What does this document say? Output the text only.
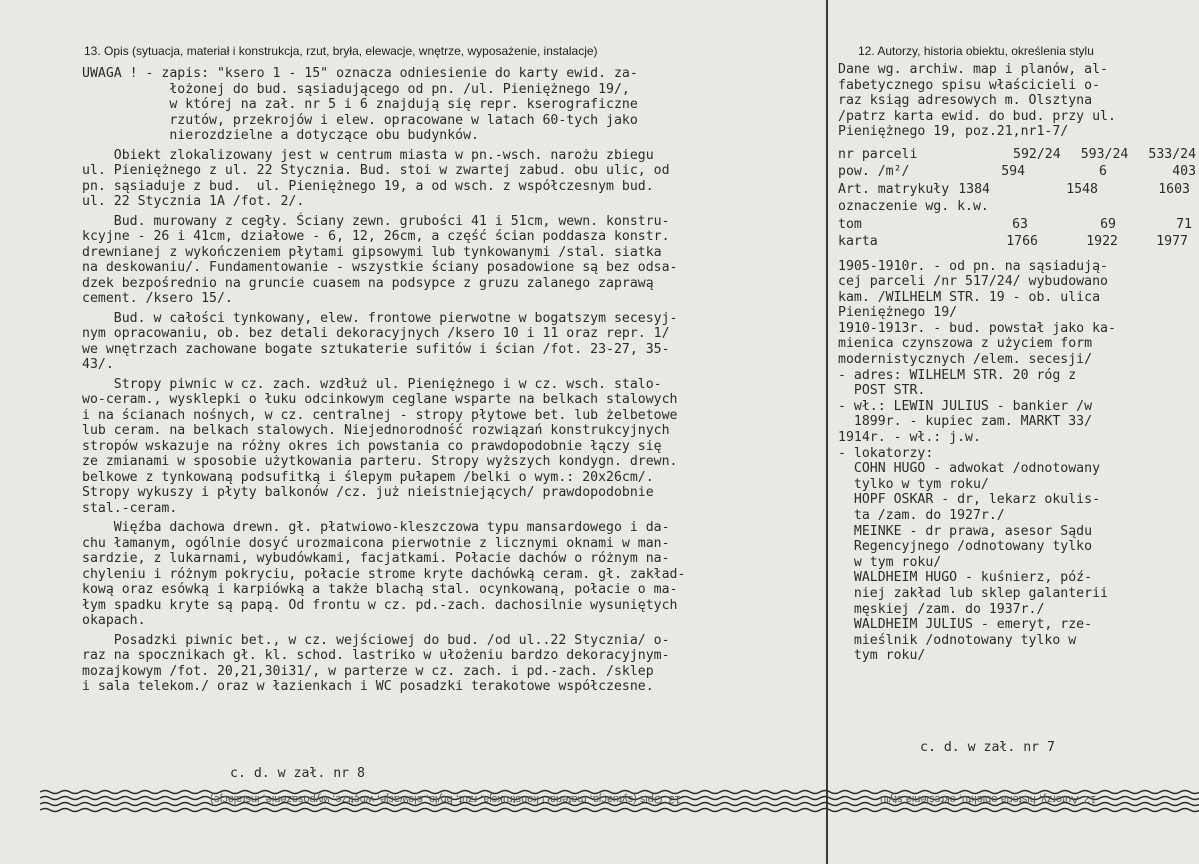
13. Opis (sytuacja, materiał i konstrukcja, rzut, bryła, elewacje, wnętrze, wyposażenie, instalacje)	12. Autorzy, historia obiektu, określenia stylu

UWAGA ! - zapis: "ksero 1 - 15" oznacza odniesienie do karty ewid. za-
łożonej do bud. sąsiadującego od pn. /ul. Pieniężnego 19/,
w której na zał. nr 5 i 6 znajdują się repr. kserograficzne
rzutów, przekrojów i elew. opracowane w latach 60-tych jako
nierozdzielne a dotyczące obu budynków.

Obiekt zlokalizowany jest w centrum miasta w pn.-wsch. narożu zbiegu
ul. Pieniężnego z ul. 22 Stycznia. Bud. stoi w zwartej zabud. obu ulic, od
pn. sąsiaduje z bud.  ul. Pieniężnego 19, a od wsch. z współczesnym bud.
ul. 22 Stycznia 1A /fot. 2/.

Bud. murowany z cegły. Ściany zewn. grubości 41 i 51cm, wewn. konstru-
kcyjne - 26 i 41cm, działowe - 6, 12, 26cm, a część ścian poddasza konstr.
drewnianej z wykończeniem płytami gipsowymi lub tynkowanymi /stal. siatka
na deskowaniu/. Fundamentowanie - wszystkie ściany posadowione są bez odsa-
dzek bezpośrednio na gruncie cuasem na podsypce z gruzu zalanego zaprawą
cement. /ksero 15/.

Bud. w całości tynkowany, elew. frontowe pierwotne w bogatszym secesyj-
nym opracowaniu, ob. bez detali dekoracyjnych /ksero 10 i 11 oraz repr. 1/
we wnętrzach zachowane bogate sztukaterie sufitów i ścian /fot. 23-27, 35-
43/.

Stropy piwnic w cz. zach. wzdłuż ul. Pieniężnego i w cz. wsch. stalo-
wo-ceram., wysklepki o łuku odcinkowym ceglane wsparte na belkach stalowych
i na ścianach nośnych, w cz. centralnej - stropy płytowe bet. lub żelbetowe
lub ceram. na belkach stalowych. Niejednorodność rozwiązań konstrukcyjnych
stropów wskazuje na różny okres ich powstania co prawdopodobnie łączy się
ze zmianami w sposobie użytkowania parteru. Stropy wyższych kondygn. drewn.
belkowe z tynkowaną podsufitką i ślepym pułapem /belki o wym.: 20x26cm/.
Stropy wykuszy i płyty balkonów /cz. już nieistniejących/ prawdopodobnie
stal.-ceram.

Więźba dachowa drewn. gł. płatwiowo-kleszczowa typu mansardowego i da-
chu łamanym, ogólnie dosyć urozmaicona pierwotnie z licznymi oknami w man-
sardzie, z lukarnami, wybudówkami, facjatkami. Połacie dachów o różnym na-
chyleniu i różnym pokryciu, połacie strome kryte dachówką ceram. gł. zakład-
kową oraz esówką i karpiówką a także blachą stal. ocynkowaną, połacie o ma-
łym spadku kryte są papą. Od frontu w cz. pd.-zach. dachosilnie wysuniętych
okapach.

Posadzki piwnic bet., w cz. wejściowej do bud. /od ul..22 Stycznia/ o-
raz na spocznikach gł. kl. schod. lastriko w ułożeniu bardzo dekoracyjnym-
mozajkowym /fot. 20,21,30i31/, w parterze w cz. zach. i pd.-zach. /sklep
i sala telekom./ oraz w łazienkach i WC posadzki terakotowe współczesne.

c. d. w zał. nr 8

Dane wg. archiw. map i planów, al-
fabetycznego spisu właścicieli o-
raz ksiąg adresowych m. Olsztyna
/patrz karta ewid. do bud. przy ul.
Pieniężnego 19, poz.21,nr1-7/

nr parceli	592/24	593/24	533/24
pow. /m²/	594	6	403
Art. matrykuły 1384	1548	1603
oznaczenie wg. k.w.
tom	63	69	71
karta	1766	1922	1977

1905-1910r. - od pn. na sąsiadują-
cej parceli /nr 517/24/ wybudowano
kam. /WILHELM STR. 19 - ob. ulica
Pieniężnego 19/
1910-1913r. - bud. powstał jako ka-
mienica czynszowa z użyciem form
modernistycznych /elem. secesji/
- adres: WILHELM STR. 20 róg z
POST STR.
- wł.: LEWIN JULIUS - bankier /w
1899r. - kupiec zam. MARKT 33/
1914r. - wł.: j.w.
- lokatorzy:
COHN HUGO - adwokat /odnotowany
tylko w tym roku/
HOPF OSKAR - dr, lekarz okulis-
ta /zam. do 1927r./
MEINKE - dr prawa, asesor Sądu
Regencyjnego /odnotowany tylko
w tym roku/
WALDHEIM HUGO - kuśnierz, póź-
niej zakład lub sklep galanterii
męskiej /zam. do 1937r./
WALDHEIM JULIUS - emeryt, rze-
mieślnik /odnotowany tylko w
tym roku/

c. d. w zał. nr 7
13. Opis (sytuacja, materiał i konstrukcja, rzut, bryła, elewacje, wnętrze, wyposażenie, instalacje)	12. Autorzy, historia obiektu, określenia stylu
